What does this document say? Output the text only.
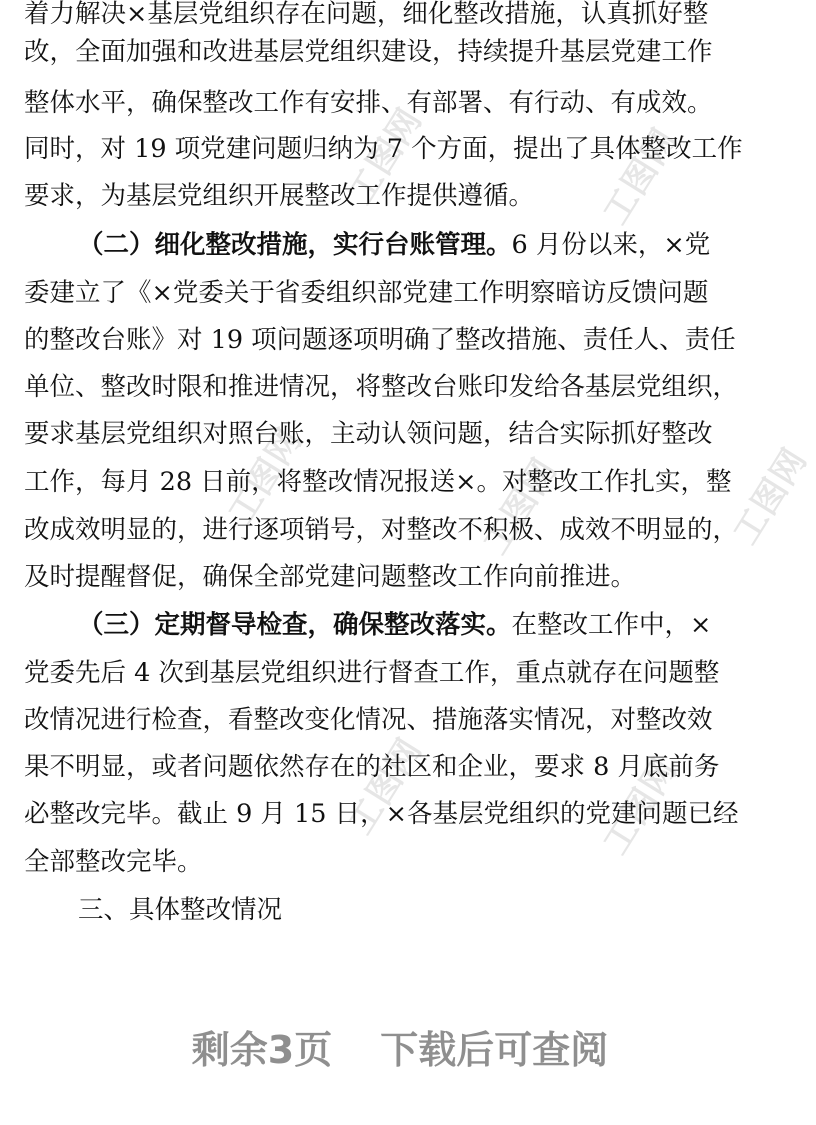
工图网	工图网
工图网	工图网	工图网
工图网	工图网
着力解决×基层党组织存在问题，细化整改措施，认真抓好整
改，全面加强和改进基层党组织建设，持续提升基层党建工作
整体水平，确保整改工作有安排、有部署、有行动、有成效。
同时，对 19 项党建问题归纳为 7 个方面，提出了具体整改工作
要求，为基层党组织开展整改工作提供遵循。
（二）细化整改措施，实行台账管理。6 月份以来，×党
委建立了《×党委关于省委组织部党建工作明察暗访反馈问题
的整改台账》对 19 项问题逐项明确了整改措施、责任人、责任
单位、整改时限和推进情况，将整改台账印发给各基层党组织，
要求基层党组织对照台账，主动认领问题，结合实际抓好整改
工作，每月 28 日前，将整改情况报送×。对整改工作扎实，整
改成效明显的，进行逐项销号，对整改不积极、成效不明显的，
及时提醒督促，确保全部党建问题整改工作向前推进。
（三）定期督导检查，确保整改落实。在整改工作中，×
党委先后 4 次到基层党组织进行督查工作，重点就存在问题整
改情况进行检查，看整改变化情况、措施落实情况，对整改效
果不明显，或者问题依然存在的社区和企业，要求 8 月底前务
必整改完毕。截止 9 月 15 日，×各基层党组织的党建问题已经
全部整改完毕。
三、具体整改情况
剩余3页 下载后可查阅
